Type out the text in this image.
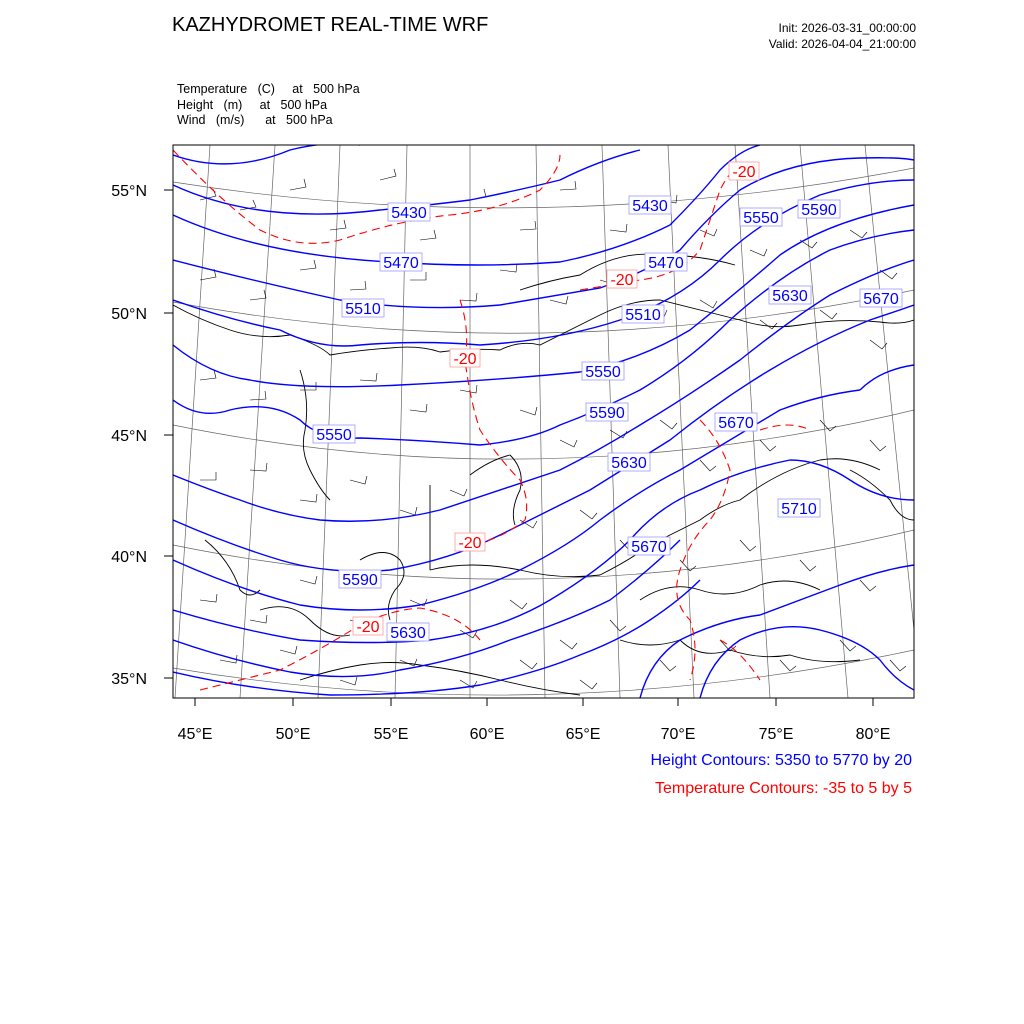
KAZHYDROMET REAL-TIME WRF	Init: 2026-03-31_00:00:00
Valid: 2026-04-04_21:00:00
Temperature   (C)     at   500 hPa
Height   (m)     at   500 hPa
Wind   (m/s)      at   500 hPa
55°N
50°N
45°N
40°N
35°N
45°E	50°E	55°E	60°E	65°E	70°E	75°E	80°E
5430	5430
5550 5590
5470	5470
5510	5510
5630	5670
5550
5590
5550
5670
5630
5710
5670
5590
5630
-20
-20
-20
-20
-20
Height Contours: 5350 to 5770 by 20
Temperature Contours: -35 to 5 by 5
